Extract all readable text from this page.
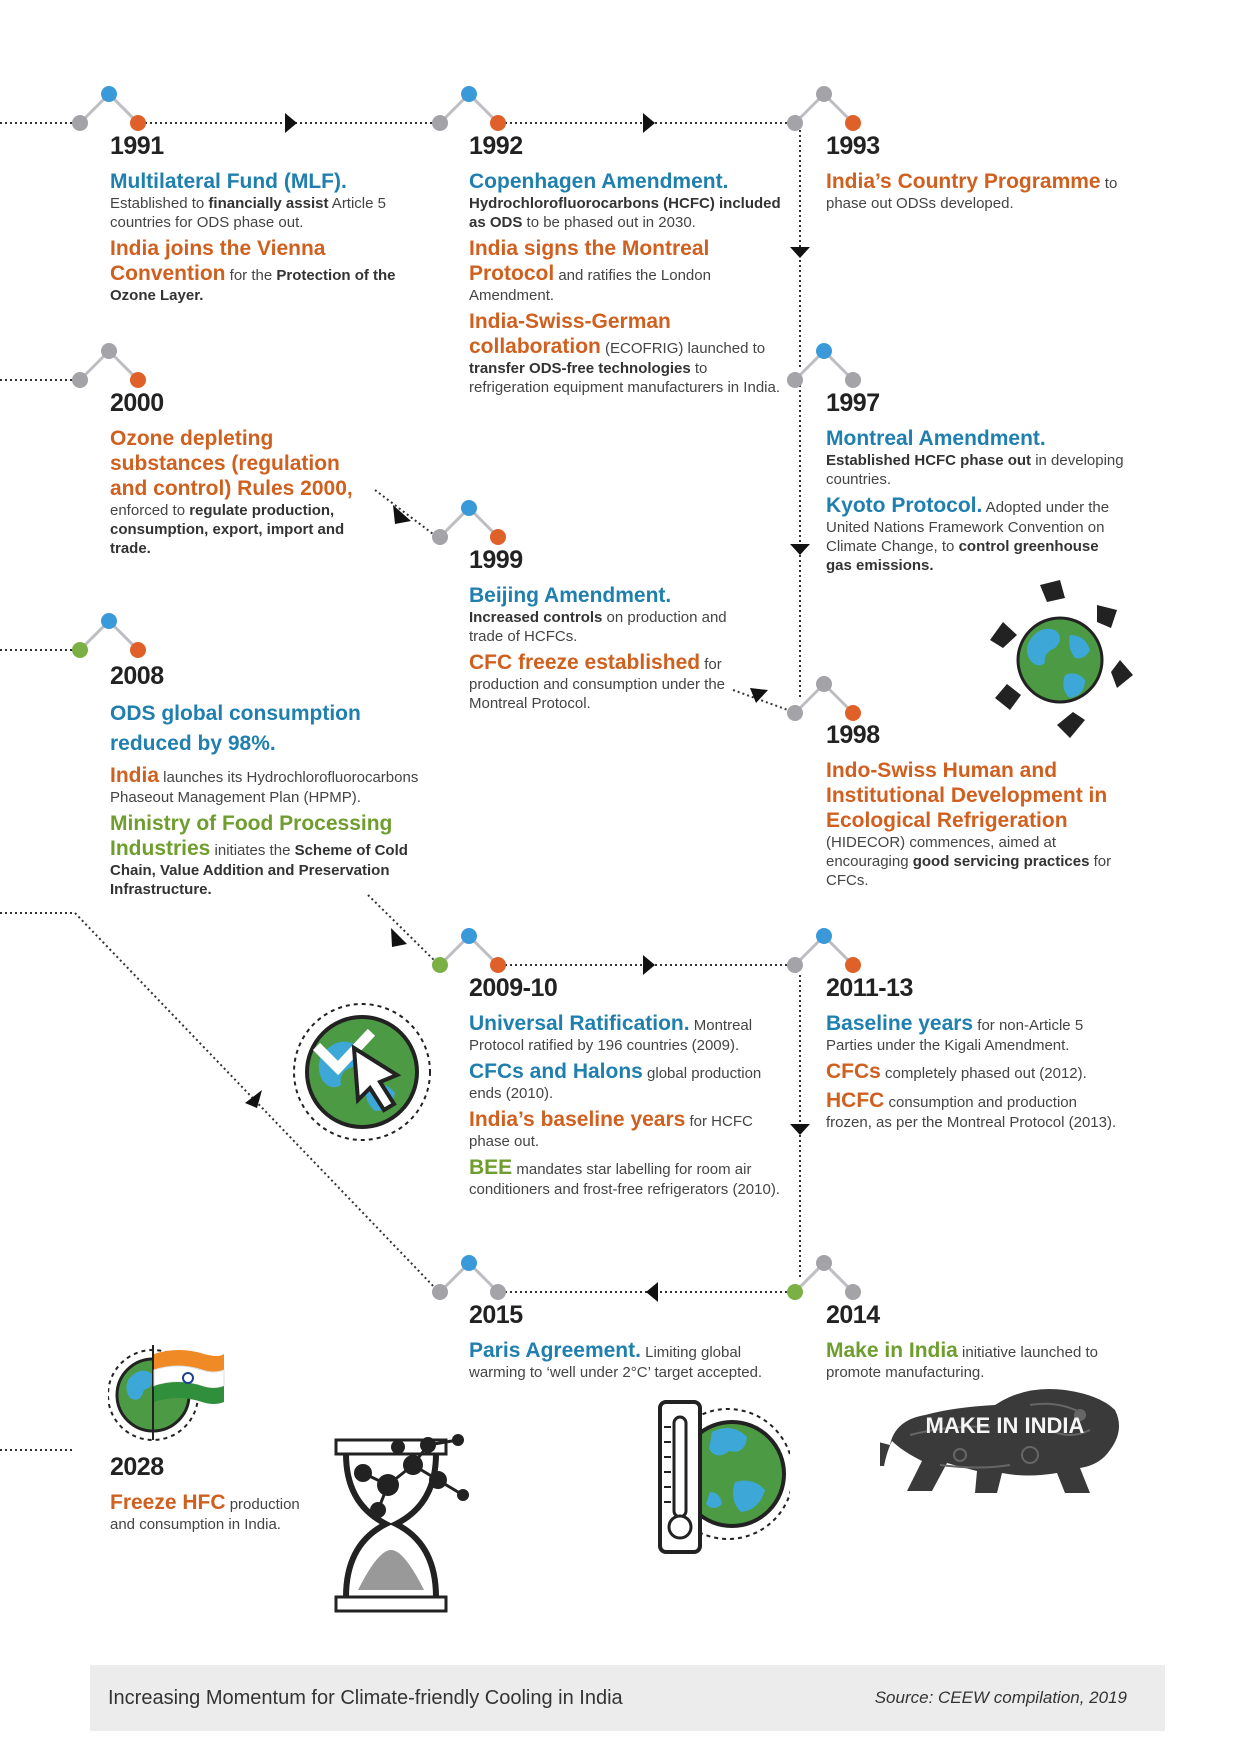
1991
Multilateral Fund (MLF).
Established to financially assist Article 5 countries for ODS phase out.
India joins the Vienna Convention for the Protection of the Ozone Layer.
1992
Copenhagen Amendment.
Hydrochlorofluorocarbons (HCFC) included as ODS to be phased out in 2030.
India signs the Montreal Protocol and ratifies the London Amendment.
India-Swiss-German collaboration (ECOFRIG) launched to transfer ODS-free technologies to refrigeration equipment manufacturers in India.
1993
India’s Country Programme to phase out ODSs developed.
2000
Ozone depleting substances (regulation and control) Rules 2000,
enforced to regulate production, consumption, export, import and trade.	1999
Beijing Amendment.
Increased controls on production and trade of HCFCs.
CFC freeze established for production and consumption under the Montreal Protocol.
1997
Montreal Amendment.
Established HCFC phase out in developing countries.
Kyoto Protocol. Adopted under the United Nations Framework Convention on Climate Change, to control greenhouse gas emissions.
2008
ODS global consumption reduced by 98%.
India launches its Hydrochlorofluorocarbons Phaseout Management Plan (HPMP).
Ministry of Food Processing Industries initiates the Scheme of Cold Chain, Value Addition and Preservation Infrastructure.
1998
Indo-Swiss Human and Institutional Development in Ecological Refrigeration
(HIDECOR) commences, aimed at encouraging good servicing practices for CFCs.
2009-10
Universal Ratification. Montreal Protocol ratified by 196 countries (2009).
CFCs and Halons global production ends (2010).
India’s baseline years for HCFC phase out.
BEE mandates star labelling for room air conditioners and frost-free refrigerators (2010).
2011-13
Baseline years for non-Article 5 Parties under the Kigali Amendment.
CFCs completely phased out (2012).
HCFC consumption and production frozen, as per the Montreal Protocol (2013).
2015
Paris Agreement. Limiting global warming to ‘well under 2°C’ target accepted.
2014
Make in India initiative launched to promote manufacturing.
2028
Freeze HFC production and consumption in India.
MAKE IN INDIA
Increasing Momentum for Climate-friendly Cooling in India	Source: CEEW compilation, 2019
